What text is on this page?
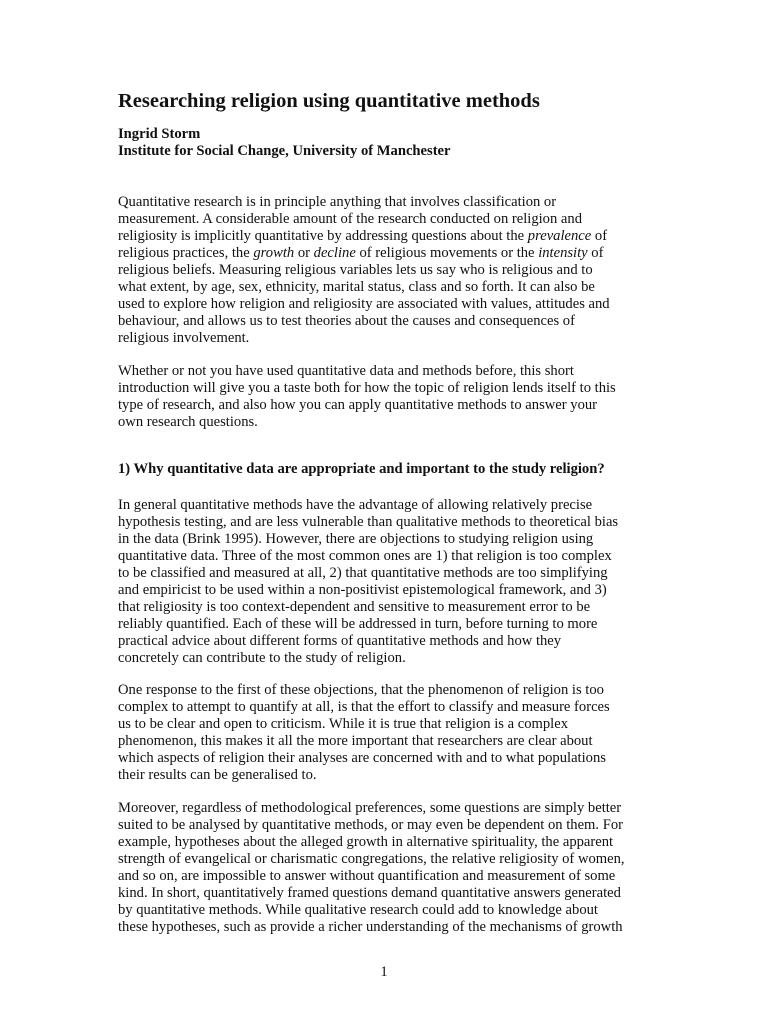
Researching religion using quantitative methods
Ingrid Storm
Institute for Social Change, University of Manchester

Quantitative research is in principle anything that involves classification or
measurement. A considerable amount of the research conducted on religion and
religiosity is implicitly quantitative by addressing questions about the prevalence of
religious practices, the growth or decline of religious movements or the intensity of
religious beliefs. Measuring religious variables lets us say who is religious and to
what extent, by age, sex, ethnicity, marital status, class and so forth. It can also be
used to explore how religion and religiosity are associated with values, attitudes and
behaviour, and allows us to test theories about the causes and consequences of
religious involvement.

Whether or not you have used quantitative data and methods before, this short
introduction will give you a taste both for how the topic of religion lends itself to this
type of research, and also how you can apply quantitative methods to answer your
own research questions.

1) Why quantitative data are appropriate and important to the study religion?

In general quantitative methods have the advantage of allowing relatively precise
hypothesis testing, and are less vulnerable than qualitative methods to theoretical bias
in the data (Brink 1995). However, there are objections to studying religion using
quantitative data. Three of the most common ones are 1) that religion is too complex
to be classified and measured at all, 2) that quantitative methods are too simplifying
and empiricist to be used within a non-positivist epistemological framework, and 3)
that religiosity is too context-dependent and sensitive to measurement error to be
reliably quantified. Each of these will be addressed in turn, before turning to more
practical advice about different forms of quantitative methods and how they
concretely can contribute to the study of religion.

One response to the first of these objections, that the phenomenon of religion is too
complex to attempt to quantify at all, is that the effort to classify and measure forces
us to be clear and open to criticism. While it is true that religion is a complex
phenomenon, this makes it all the more important that researchers are clear about
which aspects of religion their analyses are concerned with and to what populations
their results can be generalised to.

Moreover, regardless of methodological preferences, some questions are simply better
suited to be analysed by quantitative methods, or may even be dependent on them. For
example, hypotheses about the alleged growth in alternative spirituality, the apparent
strength of evangelical or charismatic congregations, the relative religiosity of women,
and so on, are impossible to answer without quantification and measurement of some
kind. In short, quantitatively framed questions demand quantitative answers generated
by quantitative methods. While qualitative research could add to knowledge about
these hypotheses, such as provide a richer understanding of the mechanisms of growth

1
